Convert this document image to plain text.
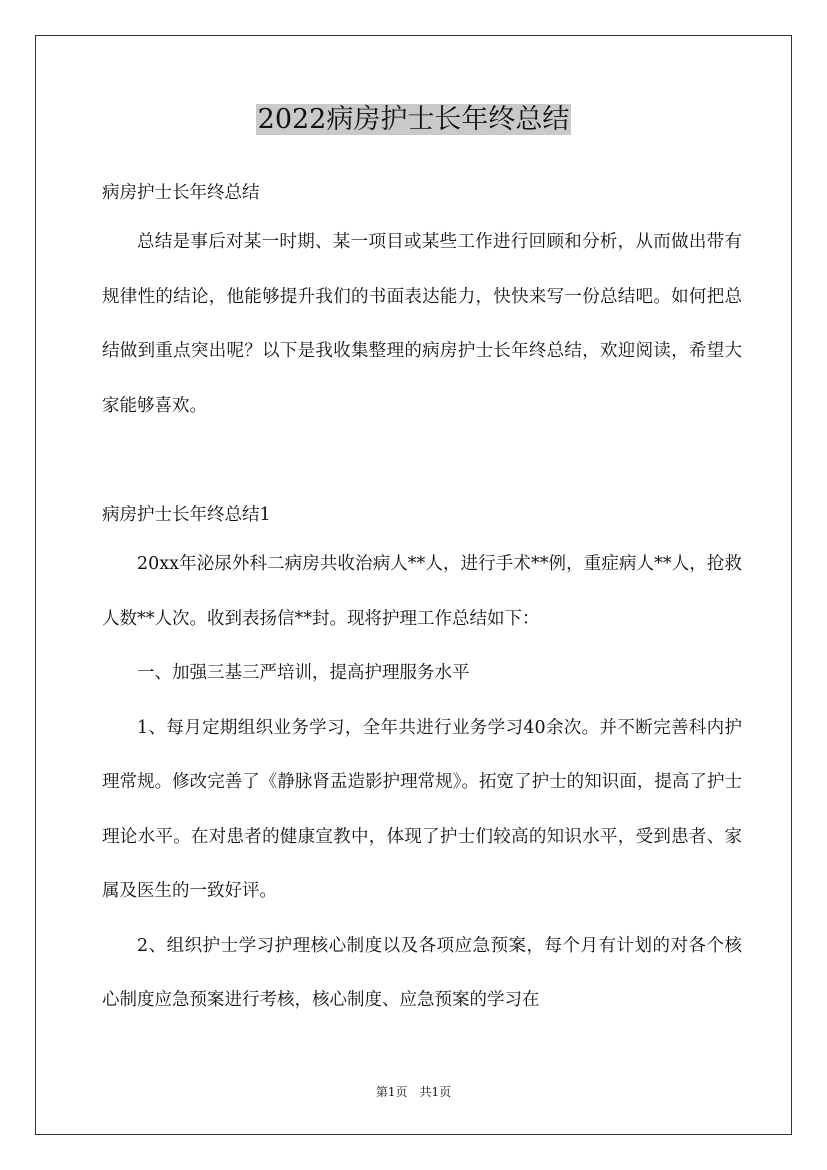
2022病房护士长年终总结

病房护士长年终总结

总结是事后对某一时期、某一项目或某些工作进行回顾和分析，从而做出带有规律性的结论，他能够提升我们的书面表达能力，快快来写一份总结吧。如何把总结做到重点突出呢？以下是我收集整理的病房护士长年终总结，欢迎阅读，希望大家能够喜欢。

病房护士长年终总结1

20xx年泌尿外科二病房共收治病人**人，进行手术**例，重症病人**人，抢救人数**人次。收到表扬信**封。现将护理工作总结如下：

一、加强三基三严培训，提高护理服务水平

1、每月定期组织业务学习，全年共进行业务学习40余次。并不断完善科内护理常规。修改完善了《静脉肾盂造影护理常规》。拓宽了护士的知识面，提高了护士理论水平。在对患者的健康宣教中，体现了护士们较高的知识水平，受到患者、家属及医生的一致好评。

2、组织护士学习护理核心制度以及各项应急预案，每个月有计划的对各个核心制度应急预案进行考核，核心制度、应急预案的学习在

第1页　共1页
